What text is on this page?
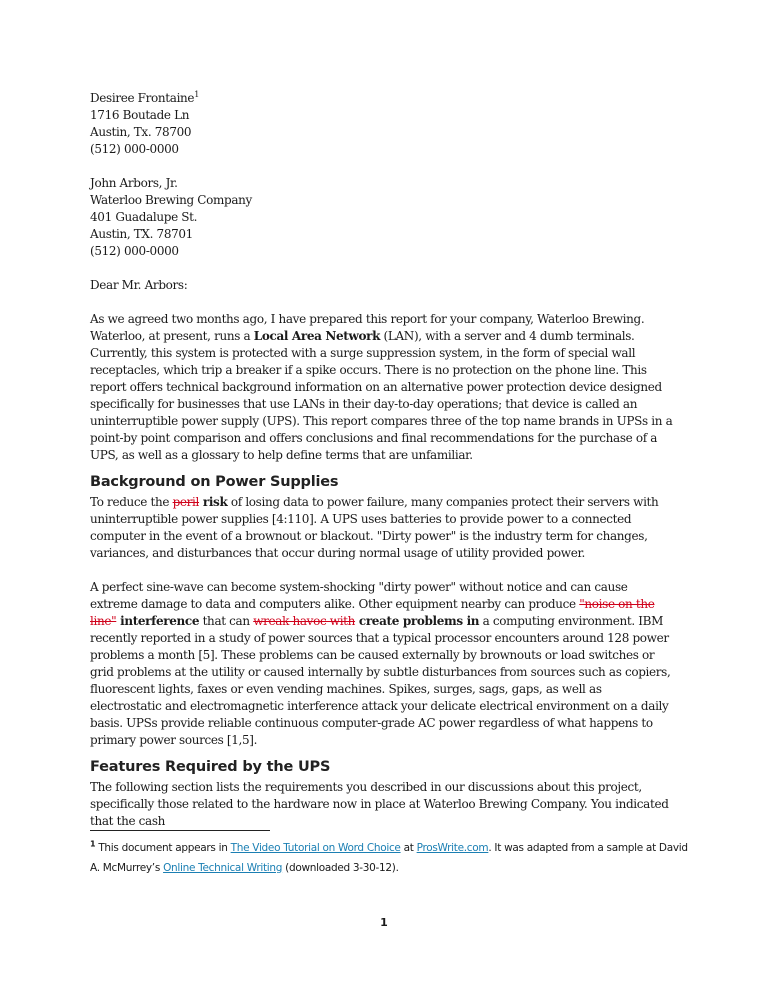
Desiree Frontaine$^1$
1716 Boutade Ln
Austin, Tx. 78700
(512) 000-0000
John Arbors, Jr.
Waterloo Brewing Company
401 Guadalupe St.
Austin, TX. 78701
(512) 000-0000
Dear Mr. Arbors:

As we agreed two months ago, I have prepared this report for your company, Waterloo Brewing. Waterloo, at present, runs a Local Area Network (LAN), with a server and 4 dumb terminals. Currently, this system is protected with a surge suppression system, in the form of special wall receptacles, which trip a breaker if a spike occurs. There is no protection on the phone line. This report offers technical background information on an alternative power protection device designed specifically for businesses that use LANs in their day-to-day operations; that device is called an uninterruptible power supply (UPS). This report compares three of the top name brands in UPSs in a point-by point comparison and offers conclusions and final recommendations for the purchase of a UPS, as well as a glossary to help define terms that are unfamiliar.

Background on Power Supplies

To reduce the peril risk of losing data to power failure, many companies protect their servers with uninterruptible power supplies [4:110]. A UPS uses batteries to provide power to a connected computer in the event of a brownout or blackout. "Dirty power" is the industry term for changes, variances, and disturbances that occur during normal usage of utility provided power.

A perfect sine-wave can become system-shocking "dirty power" without notice and can cause extreme damage to data and computers alike. Other equipment nearby can produce "noise on the line" interference that can wreak havoc with create problems in a computing environment. IBM recently reported in a study of power sources that a typical processor encounters around 128 power problems a month [5]. These problems can be caused externally by brownouts or load switches or grid problems at the utility or caused internally by subtle disturbances from sources such as copiers, fluorescent lights, faxes or even vending machines. Spikes, surges, sags, gaps, as well as electrostatic and electromagnetic interference attack your delicate electrical environment on a daily basis. UPSs provide reliable continuous computer-grade AC power regardless of what happens to primary power sources [1,5].

Features Required by the UPS

The following section lists the requirements you described in our discussions about this project, specifically those related to the hardware now in place at Waterloo Brewing Company. You indicated that the cash

$^1$ This document appears in The Video Tutorial on Word Choice at ProsWrite.com. It was adapted from a sample at David A. McMurrey’s Online Technical Writing (downloaded 3-30-12).
1
